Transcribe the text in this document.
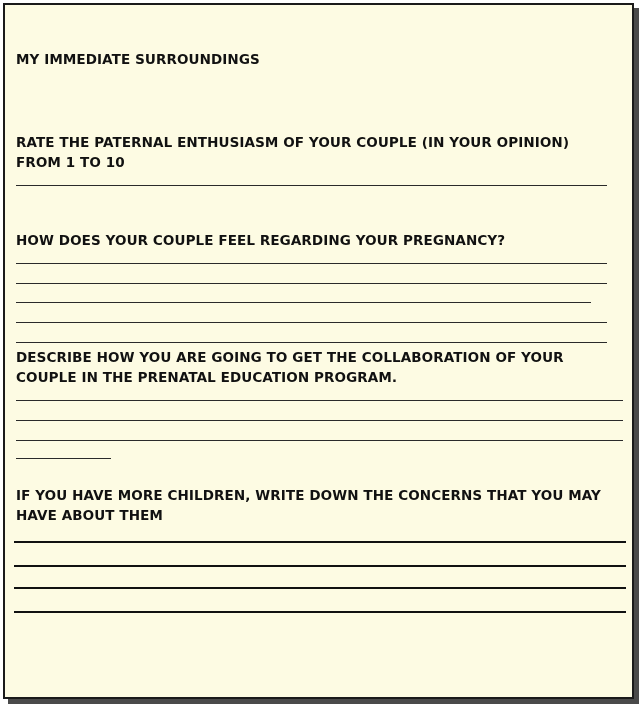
MY IMMEDIATE SURROUNDINGS

RATE THE PATERNAL ENTHUSIASM OF YOUR COUPLE (IN YOUR OPINION) FROM 1 TO 10

HOW DOES YOUR COUPLE FEEL REGARDING YOUR PREGNANCY?

DESCRIBE HOW YOU ARE GOING TO GET THE COLLABORATION OF YOUR COUPLE IN THE PRENATAL EDUCATION PROGRAM.

IF YOU HAVE MORE CHILDREN, WRITE DOWN THE CONCERNS THAT YOU MAY HAVE ABOUT THEM
